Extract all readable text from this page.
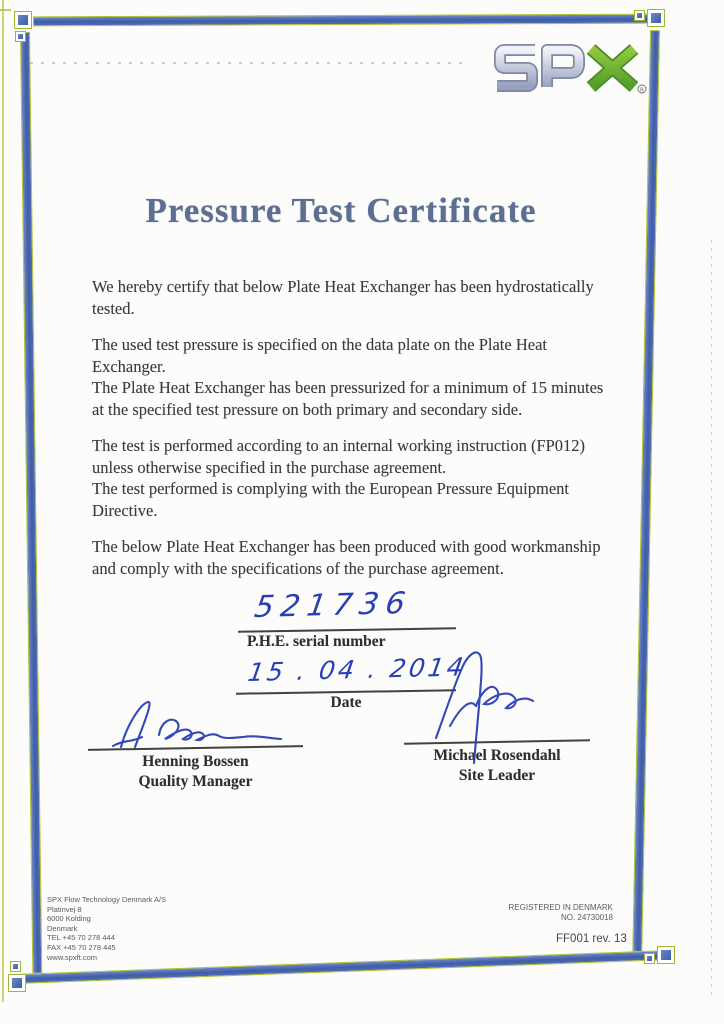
R
Pressure Test Certificate

We hereby certify that below Plate Heat Exchanger has been hydrostatically
tested.

The used test pressure is specified on the data plate on the Plate Heat
Exchanger.
The Plate Heat Exchanger has been pressurized for a minimum of 15 minutes
at the specified test pressure on both primary and secondary side.

The test is performed according to an internal working instruction (FP012)
unless otherwise specified in the purchase agreement.
The test performed is complying with the European Pressure Equipment
Directive.

The below Plate Heat Exchanger has been produced with good workmanship
and comply with the specifications of the purchase agreement.

521736
P.H.E. serial number
15 . 04 . 2014
Date
Henning Bossen
Quality Manager
Michael Rosendahl
Site Leader
SPX Flow Technology Denmark A/S
Platinvej 8
6000 Kolding
Denmark
TEL +45 70 278 444
FAX +45 70 278 445
www.spxft.com
REGISTERED IN DENMARK
NO. 24730018
FF001 rev. 13
